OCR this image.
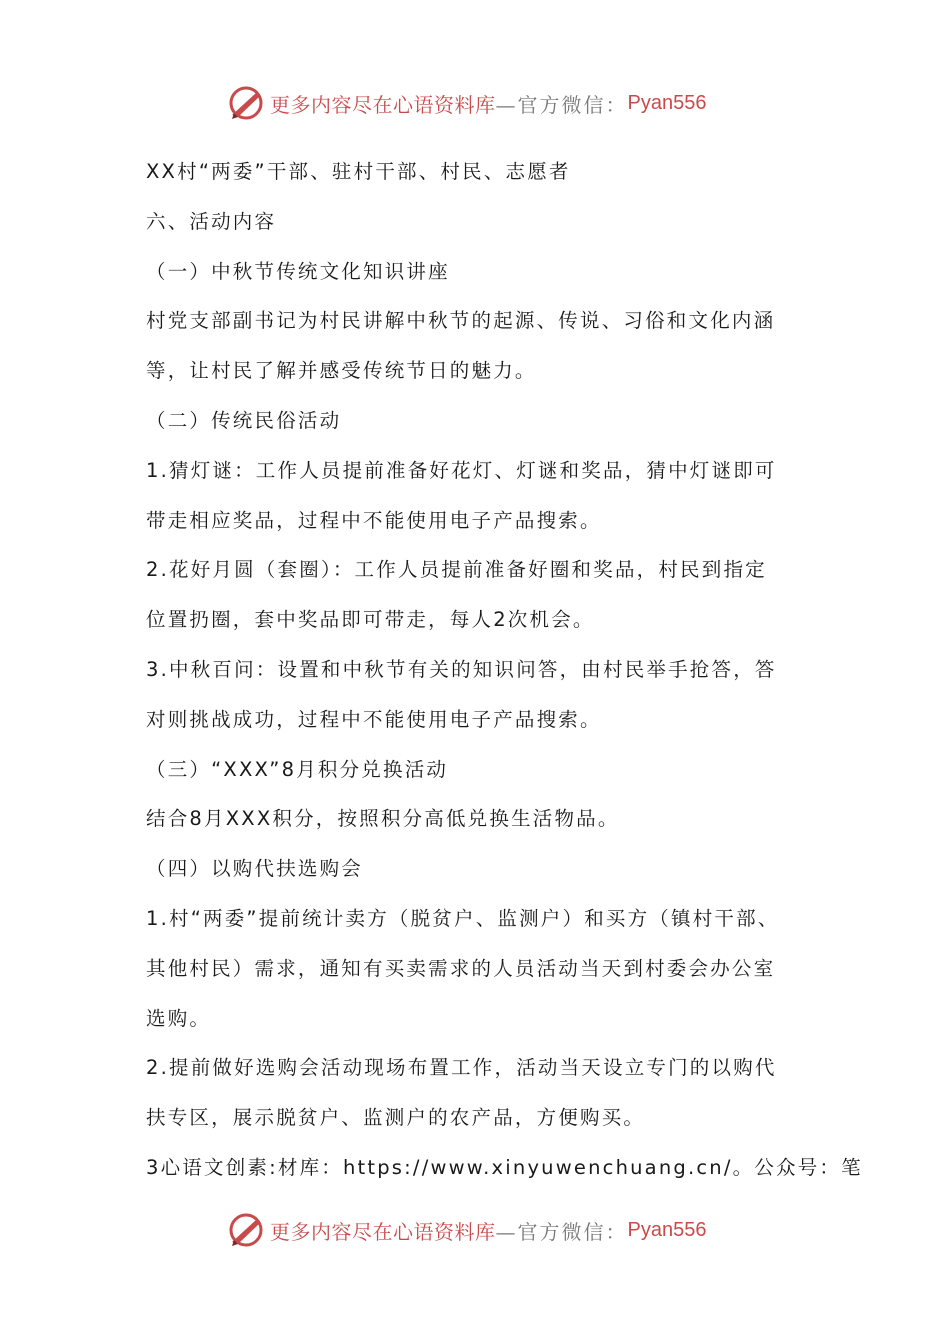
更多内容尽在心语资料库 —官方微信： Pyan556
XX村“两委”干部、驻村干部、村民、志愿者
六、活动内容
（一）中秋节传统文化知识讲座
村党支部副书记为村民讲解中秋节的起源、传说、习俗和文化内涵
等，让村民了解并感受传统节日的魅力。
（二）传统民俗活动
1.猜灯谜：工作人员提前准备好花灯、灯谜和奖品，猜中灯谜即可
带走相应奖品，过程中不能使用电子产品搜索。
2.花好月圆（套圈）：工作人员提前准备好圈和奖品，村民到指定
位置扔圈，套中奖品即可带走，每人2次机会。
3.中秋百问：设置和中秋节有关的知识问答，由村民举手抢答，答
对则挑战成功，过程中不能使用电子产品搜索。
（三）“XXX”8月积分兑换活动
结合8月XXX积分，按照积分高低兑换生活物品。
（四）以购代扶选购会
1.村“两委”提前统计卖方（脱贫户、监测户）和买方（镇村干部、
其他村民）需求，通知有买卖需求的人员活动当天到村委会办公室
选购。
2.提前做好选购会活动现场布置工作，活动当天设立专门的以购代
扶专区，展示脱贫户、监测户的农产品，方便购买。
3心语文创素:材库：https://www.xinyuwenchuang.cn/。公众号：笔
更多内容尽在心语资料库 —官方微信： Pyan556
